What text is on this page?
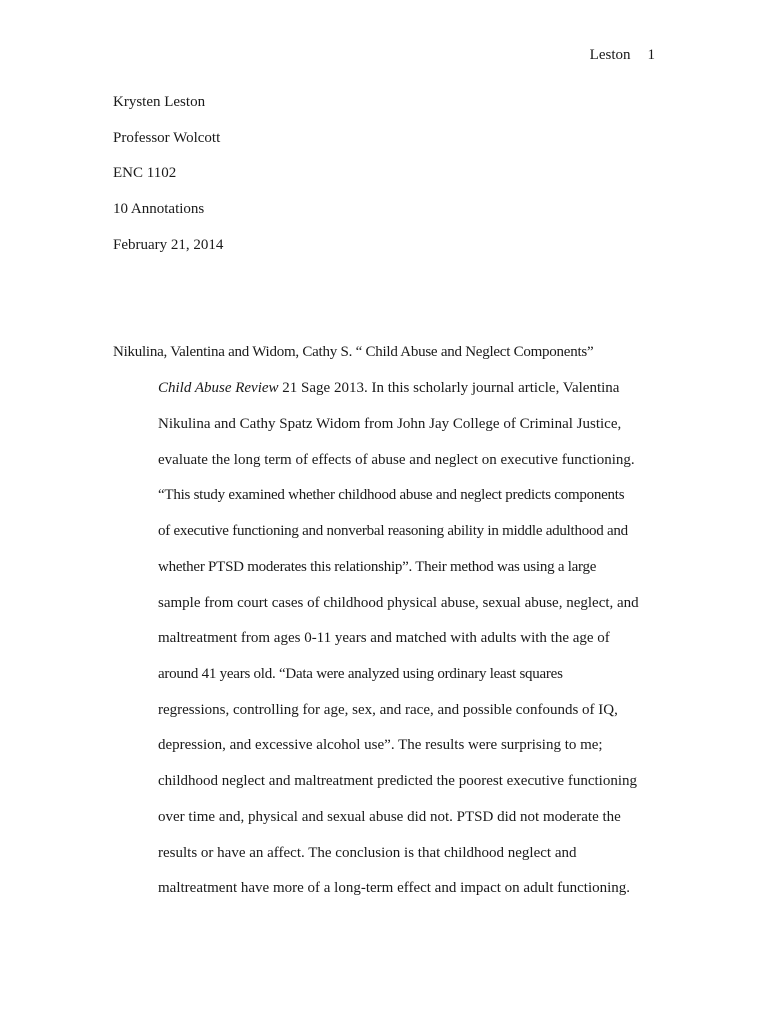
Leston 1
Krysten Leston
Professor Wolcott
ENC 1102
10 Annotations
February 21, 2014
Nikulina, Valentina and Widom, Cathy S. “ Child Abuse and Neglect Components”
Child Abuse Review 21 Sage 2013. In this scholarly journal article, Valentina
Nikulina and Cathy Spatz Widom from John Jay College of Criminal Justice,
evaluate the long term of effects of abuse and neglect on executive functioning.
“This study examined whether childhood abuse and neglect predicts components
of executive functioning and nonverbal reasoning ability in middle adulthood and
whether PTSD moderates this relationship”. Their method was using a large
sample from court cases of childhood physical abuse, sexual abuse, neglect, and
maltreatment from ages 0-11 years and matched with adults with the age of
around 41 years old. “Data were analyzed using ordinary least squares
regressions, controlling for age, sex, and race, and possible confounds of IQ,
depression, and excessive alcohol use”. The results were surprising to me;
childhood neglect and maltreatment predicted the poorest executive functioning
over time and, physical and sexual abuse did not. PTSD did not moderate the
results or have an affect. The conclusion is that childhood neglect and
maltreatment have more of a long-term effect and impact on adult functioning.
